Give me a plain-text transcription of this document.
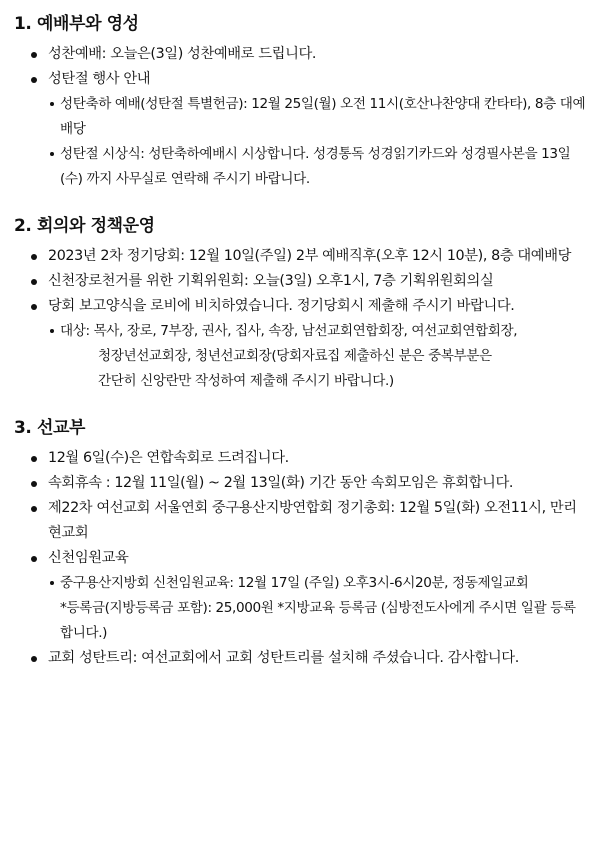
1. 예배부와 영성
성찬예배: 오늘은(3일) 성찬예배로 드립니다.
성탄절 행사 안내
성탄축하 예배(성탄절 특별헌금): 12월 25일(월) 오전 11시(호산나찬양대 칸타타), 8층 대예배당
성탄절 시상식: 성탄축하예배시 시상합니다. 성경통독 성경읽기카드와 성경필사본을 13일(수) 까지 사무실로 연락해 주시기 바랍니다.
2. 회의와 정책운영
2023년 2차 정기당회: 12월 10일(주일) 2부 예배직후(오후 12시 10분), 8층 대예배당
신천장로천거를 위한 기획위원회: 오늘(3일) 오후1시, 7층 기획위원회의실
당회 보고양식을 로비에 비치하였습니다. 정기당회시 제출해 주시기 바랍니다.
대상: 목사, 장로, 7부장, 권사, 집사, 속장, 남선교회연합회장, 여선교회연합회장,
청장년선교회장, 청년선교회장(당회자료집 제출하신 분은 중복부분은
간단히 신앙란만 작성하여 제출해 주시기 바랍니다.)
3. 선교부
12월 6일(수)은 연합속회로 드려집니다.
속회휴속 : 12월 11일(월) ~ 2월 13일(화) 기간 동안 속회모임은 휴회합니다.
제22차 여선교회 서울연회 중구용산지방연합회 정기총회: 12월 5일(화) 오전11시, 만리현교회
신천임원교육
중구용산지방회 신천임원교육: 12월 17일 (주일) 오후3시-6시20분, 정동제일교회
*등록금(지방등록금 포함): 25,000원 *지방교육 등록금 (심방전도사에게 주시면 일괄 등록합니다.)
교회 성탄트리: 여선교회에서 교회 성탄트리를 설치해 주셨습니다. 감사합니다.
